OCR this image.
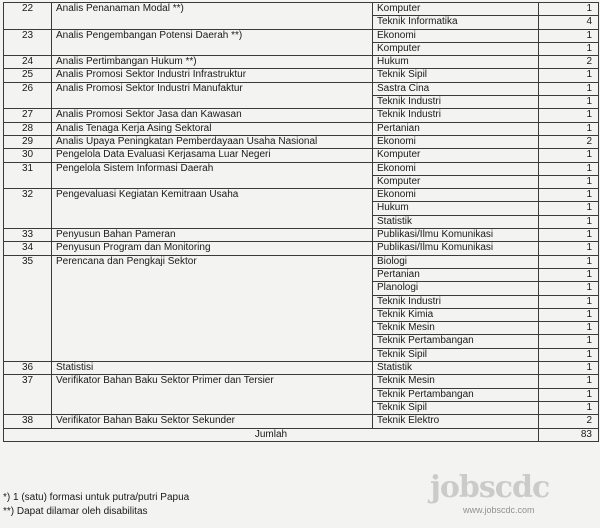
22	Analis Penanaman Modal **)	Komputer	1
		Teknik Informatika	4
23	Analis Pengembangan Potensi Daerah **)	Ekonomi	1
		Komputer	1
24	Analis Pertimbangan Hukum **)	Hukum	2
25	Analis Promosi Sektor Industri Infrastruktur	Teknik Sipil	1
26	Analis Promosi Sektor Industri Manufaktur	Sastra Cina	1
		Teknik Industri	1
27	Analis Promosi Sektor Jasa dan Kawasan	Teknik Industri	1
28	Analis Tenaga Kerja Asing Sektoral	Pertanian	1
29	Analis Upaya Peningkatan Pemberdayaan Usaha Nasional	Ekonomi	2
30	Pengelola Data Evaluasi Kerjasama Luar Negeri	Komputer	1
31	Pengelola Sistem Informasi Daerah	Ekonomi	1
		Komputer	1
32	Pengevaluasi Kegiatan Kemitraan Usaha	Ekonomi	1
		Hukum	1
		Statistik	1
33	Penyusun Bahan Pameran	Publikasi/Ilmu Komunikasi	1
34	Penyusun Program dan Monitoring	Publikasi/Ilmu Komunikasi	1
35	Perencana dan Pengkaji Sektor	Biologi	1
		Pertanian	1
		Planologi	1
		Teknik Industri	1
		Teknik Kimia	1
		Teknik Mesin	1
		Teknik Pertambangan	1
		Teknik Sipil	1
36	Statistisi	Statistik	1
37	Verifikator Bahan Baku Sektor Primer dan Tersier	Teknik Mesin	1
		Teknik Pertambangan	1
		Teknik Sipil	1
38	Verifikator Bahan Baku Sektor Sekunder	Teknik Elektro	2
Jumlah			83
*) 1 (satu) formasi untuk putra/putri Papua
**) Dapat dilamar oleh disabilitas
jobscdc
www.jobscdc.com
